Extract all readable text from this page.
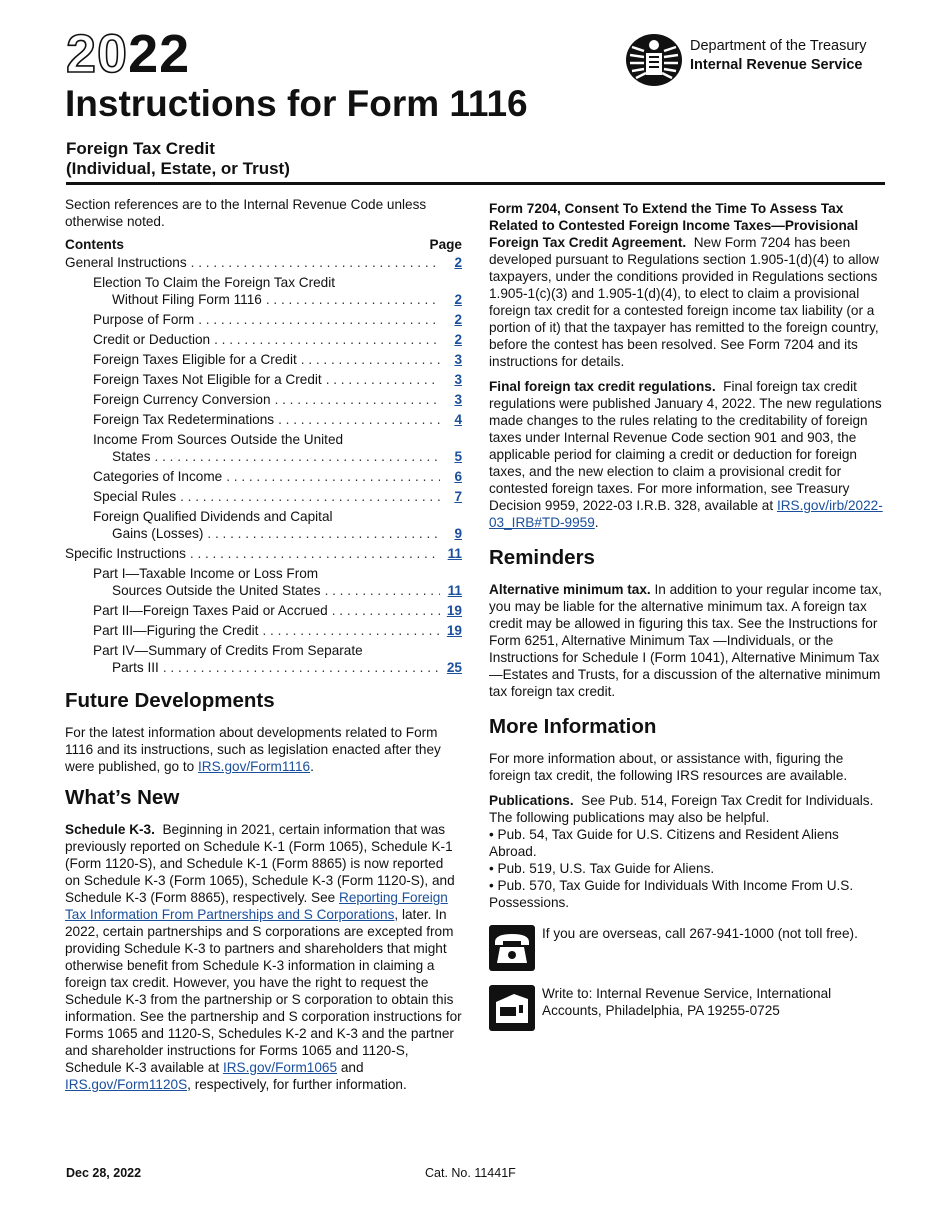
2022
Instructions for Form 1116
Foreign Tax Credit
(Individual, Estate, or Trust)
Department of the Treasury
Internal Revenue Service

Section references are to the Internal Revenue Code unless otherwise noted.

Contents	Page
General Instructions . . .	2
Election To Claim the Foreign Tax Credit
Without Filing Form 1116 . . .	2
Purpose of Form . . .	2
Credit or Deduction . . .	2
Foreign Taxes Eligible for a Credit . . .	3
Foreign Taxes Not Eligible for a Credit . . .	3
Foreign Currency Conversion . . .	3
Foreign Tax Redeterminations . . .	4
Income From Sources Outside the United
States . . .	5
Categories of Income . . .	6
Special Rules . . .	7
Foreign Qualified Dividends and Capital
Gains (Losses) . . .	9
Specific Instructions . . .	11
Part I—Taxable Income or Loss From
Sources Outside the United States . . .	11
Part II—Foreign Taxes Paid or Accrued . . .	19
Part III—Figuring the Credit . . .	19
Part IV—Summary of Credits From Separate
Parts III . . .	25
Future Developments

For the latest information about developments related to Form 1116 and its instructions, such as legislation enacted after they were published, go to IRS.gov/Form1116.

What’s New

Schedule K-3. Beginning in 2021, certain information that was previously reported on Schedule K-1 (Form 1065), Schedule K-1 (Form 1120-S), and Schedule K-1 (Form 8865) is now reported on Schedule K-3 (Form 1065), Schedule K-3 (Form 1120-S), and Schedule K-3 (Form 8865), respectively. See Reporting Foreign Tax Information From Partnerships and S Corporations, later. In 2022, certain partnerships and S corporations are excepted from providing Schedule K-3 to partners and shareholders that might otherwise benefit from Schedule K-3 information in claiming a foreign tax credit. However, you have the right to request the Schedule K-3 from the partnership or S corporation to obtain this information. See the partnership and S corporation instructions for Forms 1065 and 1120-S, Schedules K-2 and K-3 and the partner and shareholder instructions for Forms 1065 and 1120-S, Schedule K-3 available at IRS.gov/Form1065 and IRS.gov/Form1120S, respectively, for further information.

Form 7204, Consent To Extend the Time To Assess Tax Related to Contested Foreign Income Taxes—Provisional Foreign Tax Credit Agreement. New Form 7204 has been developed pursuant to Regulations section 1.905-1(d)(4) to allow taxpayers, under the conditions provided in Regulations sections 1.905-1(c)(3) and 1.905-1(d)(4), to elect to claim a provisional foreign tax credit for a contested foreign income tax liability (or a portion of it) that the taxpayer has remitted to the foreign country, before the contest has been resolved. See Form 7204 and its instructions for details.

Final foreign tax credit regulations. Final foreign tax credit regulations were published January 4, 2022. The new regulations made changes to the rules relating to the creditability of foreign taxes under Internal Revenue Code section 901 and 903, the applicable period for claiming a credit or deduction for foreign taxes, and the new election to claim a provisional credit for contested foreign taxes. For more information, see Treasury Decision 9959, 2022-03 I.R.B. 328, available at IRS.gov/irb/2022-03_IRB#TD-9959.

Reminders

Alternative minimum tax. In addition to your regular income tax, you may be liable for the alternative minimum tax. A foreign tax credit may be allowed in figuring this tax. See the Instructions for Form 6251, Alternative Minimum Tax —Individuals, or the Instructions for Schedule I (Form 1041), Alternative Minimum Tax —Estates and Trusts, for a discussion of the alternative minimum tax foreign tax credit.

More Information

For more information about, or assistance with, figuring the foreign tax credit, the following IRS resources are available.

Publications. See Pub. 514, Foreign Tax Credit for Individuals. The following publications may also be helpful.

• Pub. 54, Tax Guide for U.S. Citizens and Resident Aliens Abroad.
• Pub. 519, U.S. Tax Guide for Aliens.
• Pub. 570, Tax Guide for Individuals With Income From U.S. Possessions.
If you are overseas, call 267-941-1000 (not toll free).
Write to: Internal Revenue Service, International Accounts, Philadelphia, PA 19255-0725
Dec 28, 2022	Cat. No. 11441F
